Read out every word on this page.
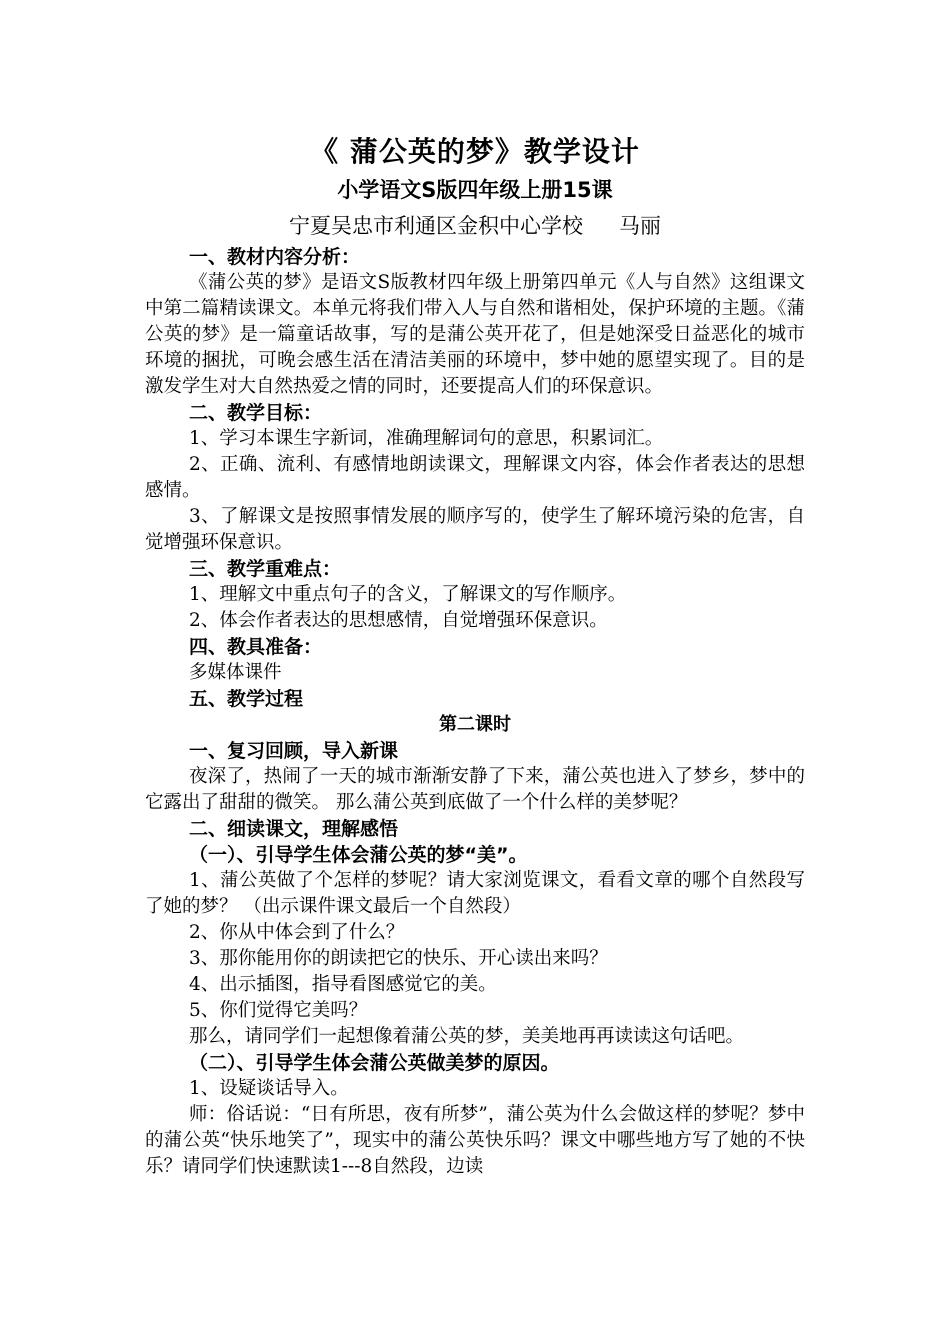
《 蒲公英的梦》教学设计
小学语文S版四年级上册15课
宁夏吴忠市利通区金积中心学校 马丽
一、教材内容分析：

《蒲公英的梦》是语文S版教材四年级上册第四单元《人与自然》这组课文中第二篇精读课文。本单元将我们带入人与自然和谐相处，保护环境的主题。《蒲公英的梦》是一篇童话故事，写的是蒲公英开花了，但是她深受日益恶化的城市环境的捆扰，可晚会感生活在清洁美丽的环境中，梦中她的愿望实现了。目的是激发学生对大自然热爱之情的同时，还要提高人们的环保意识。

二、教学目标：

1、学习本课生字新词，准确理解词句的意思，积累词汇。

2、正确、流利、有感情地朗读课文，理解课文内容，体会作者表达的思想感情。

3、了解课文是按照事情发展的顺序写的，使学生了解环境污染的危害，自觉增强环保意识。

三、教学重难点：

1、理解文中重点句子的含义，了解课文的写作顺序。

2、体会作者表达的思想感情，自觉增强环保意识。

四、教具准备：

多媒体课件

五、教学过程
第二课时
一、复习回顾，导入新课

夜深了，热闹了一天的城市渐渐安静了下来，蒲公英也进入了梦乡，梦中的它露出了甜甜的微笑。 那么蒲公英到底做了一个什么样的美梦呢？

二、细读课文，理解感悟
（一）、引导学生体会蒲公英的梦“美”。

1、蒲公英做了个怎样的梦呢？请大家浏览课文，看看文章的哪个自然段写了她的梦？ （出示课件课文最后一个自然段）

2、你从中体会到了什么？

3、那你能用你的朗读把它的快乐、开心读出来吗？

4、出示插图，指导看图感觉它的美。

5、你们觉得它美吗？

那么，请同学们一起想像着蒲公英的梦，美美地再再读读这句话吧。

（二）、引导学生体会蒲公英做美梦的原因。

1、设疑谈话导入。

师：俗话说：“日有所思，夜有所梦”，蒲公英为什么会做这样的梦呢？梦中的蒲公英“快乐地笑了”，现实中的蒲公英快乐吗？课文中哪些地方写了她的不快乐？请同学们快速默读1---8自然段，边读
